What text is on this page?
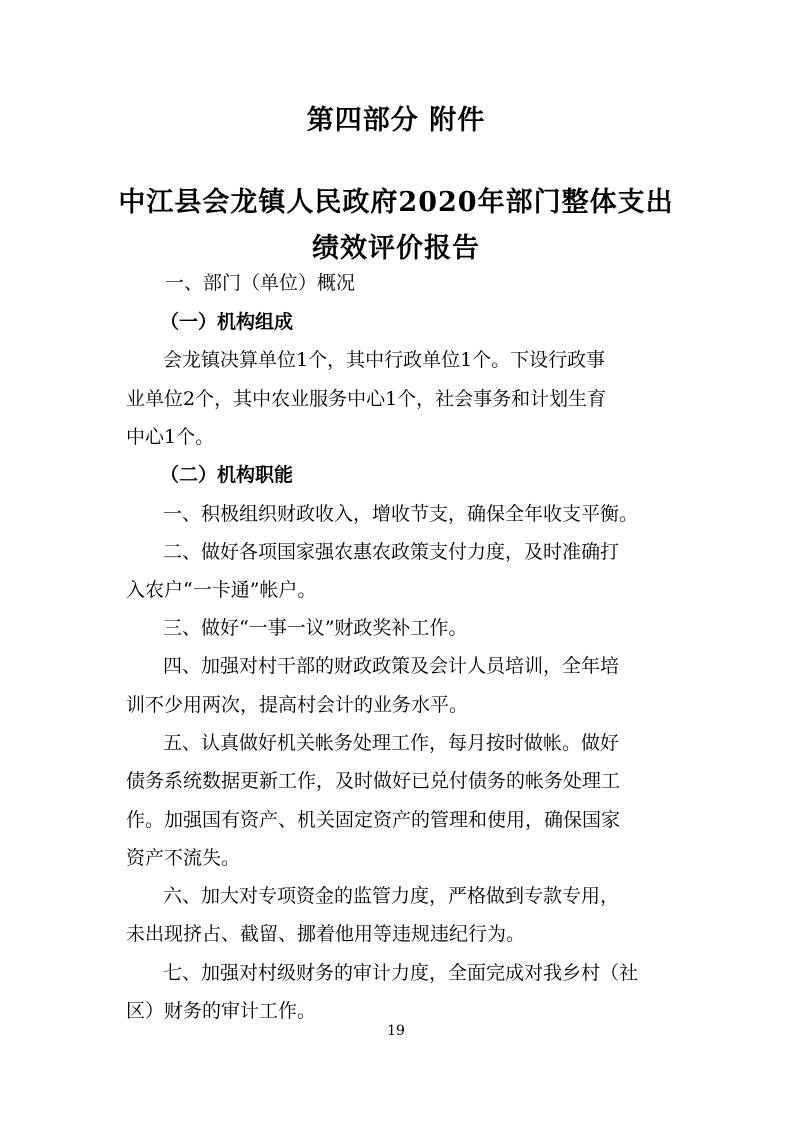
第四部分 附件
中江县会龙镇人民政府2020年部门整体支出
绩效评价报告
一、部门（单位）概况
（一）机构组成
会龙镇决算单位1个，其中行政单位1个。下设行政事
业单位2个，其中农业服务中心1个，社会事务和计划生育
中心1个。
（二）机构职能
一、积极组织财政收入，增收节支，确保全年收支平衡。
二、做好各项国家强农惠农政策支付力度，及时准确打
入农户“一卡通”帐户。
三、做好“一事一议”财政奖补工作。
四、加强对村干部的财政政策及会计人员培训，全年培
训不少用两次，提高村会计的业务水平。
五、认真做好机关帐务处理工作，每月按时做帐。做好
债务系统数据更新工作，及时做好已兑付债务的帐务处理工
作。加强国有资产、机关固定资产的管理和使用，确保国家
资产不流失。
六、加大对专项资金的监管力度，严格做到专款专用，
未出现挤占、截留、挪着他用等违规违纪行为。
七、加强对村级财务的审计力度，全面完成对我乡村（社
区）财务的审计工作。
19
